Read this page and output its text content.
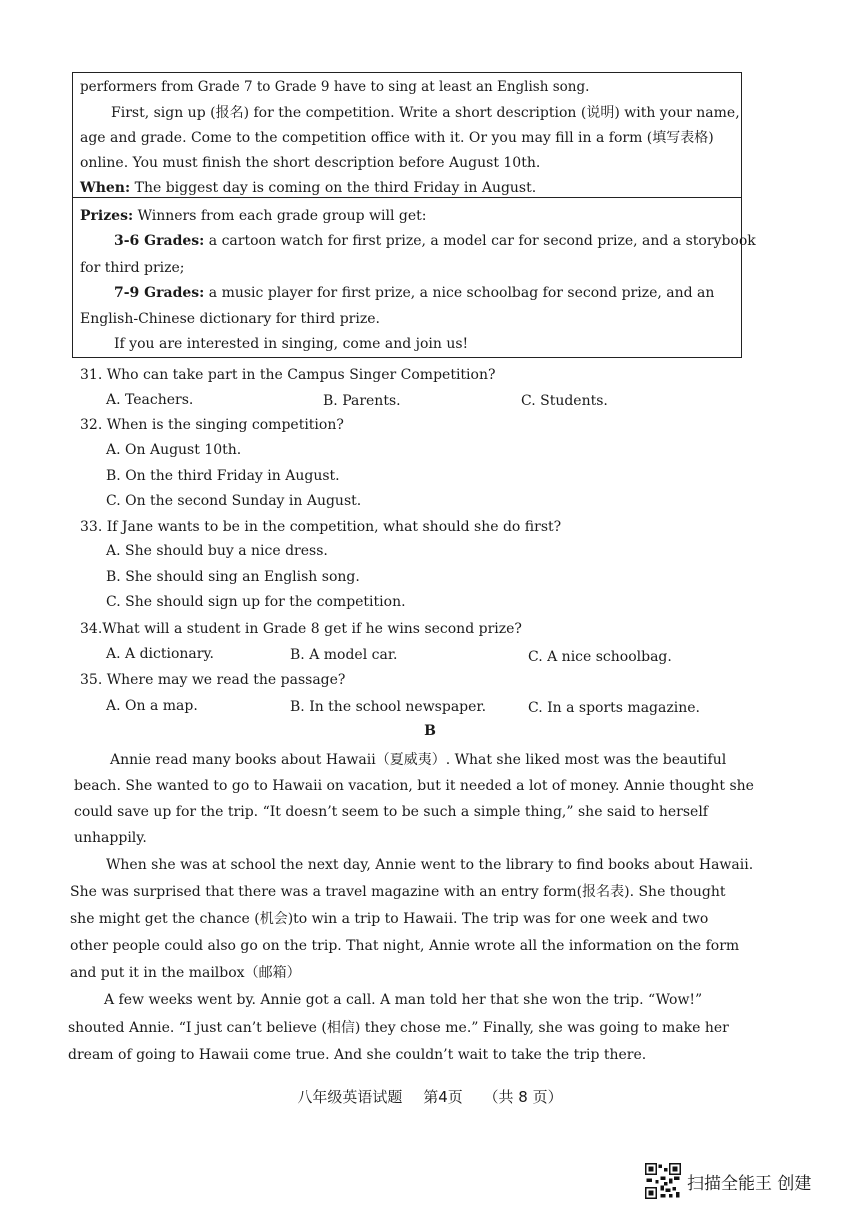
performers from Grade 7 to Grade 9 have to sing at least an English song.
First, sign up (报名) for the competition. Write a short description (说明) with your name,
age and grade. Come to the competition office with it. Or you may fill in a form (填写表格)
online. You must finish the short description before August 10th.
When: The biggest day is coming on the third Friday in August.
Prizes: Winners from each grade group will get:
3-6 Grades: a cartoon watch for first prize, a model car for second prize, and a storybook
for third prize;
7-9 Grades: a music player for first prize, a nice schoolbag for second prize, and an
English-Chinese dictionary for third prize.
If you are interested in singing, come and join us!
31. Who can take part in the Campus Singer Competition?
A. Teachers.	B. Parents.	C. Students.
32. When is the singing competition?
A. On August 10th.
B. On the third Friday in August.
C. On the second Sunday in August.
33. If Jane wants to be in the competition, what should she do first?
A. She should buy a nice dress.
B. She should sing an English song.
C. She should sign up for the competition.
34.What will a student in Grade 8 get if he wins second prize?
A. A dictionary.	B. A model car.	C. A nice schoolbag.
35. Where may we read the passage?
A. On a map.	B. In the school newspaper.	C. In a sports magazine.
B
Annie read many books about Hawaii（夏威夷）. What she liked most was the beautiful
beach. She wanted to go to Hawaii on vacation, but it needed a lot of money. Annie thought she
could save up for the trip. “It doesn’t seem to be such a simple thing,” she said to herself
unhappily.
When she was at school the next day, Annie went to the library to find books about Hawaii.
She was surprised that there was a travel magazine with an entry form(报名表). She thought
she might get the chance (机会)to win a trip to Hawaii. The trip was for one week and two
other people could also go on the trip. That night, Annie wrote all the information on the form
and put it in the mailbox（邮箱）
A few weeks went by. Annie got a call. A man told her that she won the trip. “Wow!”
shouted Annie. “I just can’t believe (相信) they chose me.” Finally, she was going to make her
dream of going to Hawaii come true. And she couldn’t wait to take the trip there.
八年级英语试题 第4页 （共 8 页）
扫描全能王 创建
